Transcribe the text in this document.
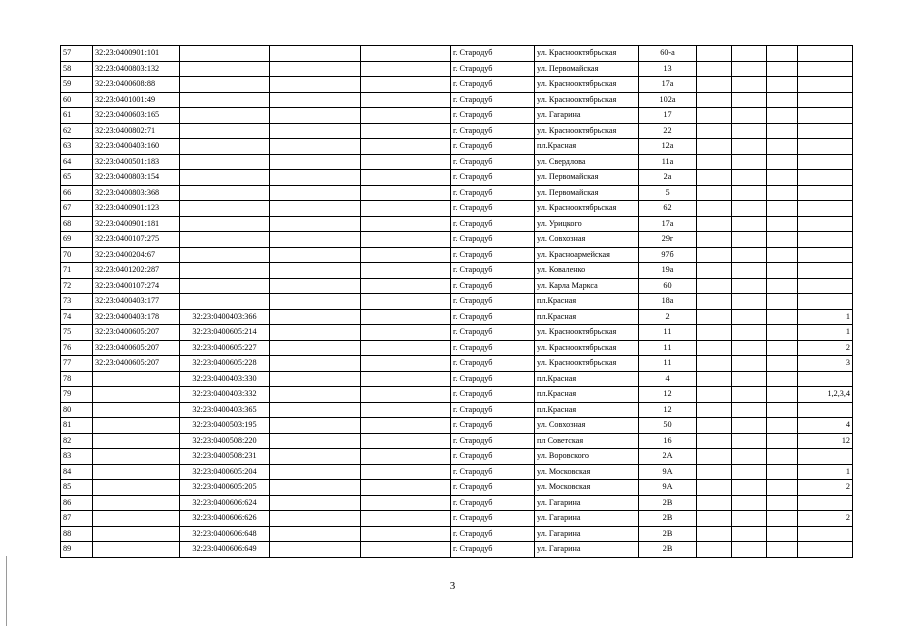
57	32:23:0400901:101				г. Стародуб	ул. Краснооктябрьская	60-а				
58	32:23:0400803:132				г. Стародуб	ул. Первомайская	13				
59	32:23:0400608:88				г. Стародуб	ул. Краснооктябрьская	17а				
60	32:23:0401001:49				г. Стародуб	ул. Краснооктябрьская	102а				
61	32:23:0400603:165				г. Стародуб	ул. Гагарина	17				
62	32:23:0400802:71				г. Стародуб	ул. Краснооктябрьская	22				
63	32:23:0400403:160				г. Стародуб	пл.Красная	12а				
64	32:23:0400501:183				г. Стародуб	ул. Свердлова	11а				
65	32:23:0400803:154				г. Стародуб	ул. Первомайская	2а				
66	32:23:0400803:368				г. Стародуб	ул. Первомайская	5				
67	32:23:0400901:123				г. Стародуб	ул. Краснооктябрьская	62				
68	32:23:0400901:181				г. Стародуб	ул. Урицкого	17а				
69	32:23:0400107:275				г. Стародуб	ул. Совхозная	29г				
70	32:23:0400204:67				г. Стародуб	ул. Красноармейская	97б				
71	32:23:0401202:287				г. Стародуб	ул. Коваленко	19а				
72	32:23:0400107:274				г. Стародуб	ул. Карла Маркса	60				
73	32:23:0400403:177				г. Стародуб	пл.Красная	18а				
74	32:23:0400403:178	32:23:0400403:366			г. Стародуб	пл.Красная	2				1
75	32:23:0400605:207	32:23:0400605:214			г. Стародуб	ул. Краснооктябрьская	11				1
76	32:23:0400605:207	32:23:0400605:227			г. Стародуб	ул. Краснооктябрьская	11				2
77	32:23:0400605:207	32:23:0400605:228			г. Стародуб	ул. Краснооктябрьская	11				3
78		32:23:0400403:330			г. Стародуб	пл.Красная	4				
79		32:23:0400403:332			г. Стародуб	пл.Красная	12				1,2,3,4
80		32:23:0400403:365			г. Стародуб	пл.Красная	12				
81		32:23:0400503:195			г. Стародуб	ул. Совхозная	50				4
82		32:23:0400508:220			г. Стародуб	пл Советская	16				12
83		32:23:0400508:231			г. Стародуб	ул. Воровского	2А				
84		32:23:0400605:204			г. Стародуб	ул. Московская	9А				1
85		32:23:0400605:205			г. Стародуб	ул. Московская	9А				2
86		32:23:0400606:624			г. Стародуб	ул. Гагарина	2В				
87		32:23:0400606:626			г. Стародуб	ул. Гагарина	2В				2
88		32:23:0400606:648			г. Стародуб	ул. Гагарина	2В				
89		32:23:0400606:649			г. Стародуб	ул. Гагарина	2В				
3
